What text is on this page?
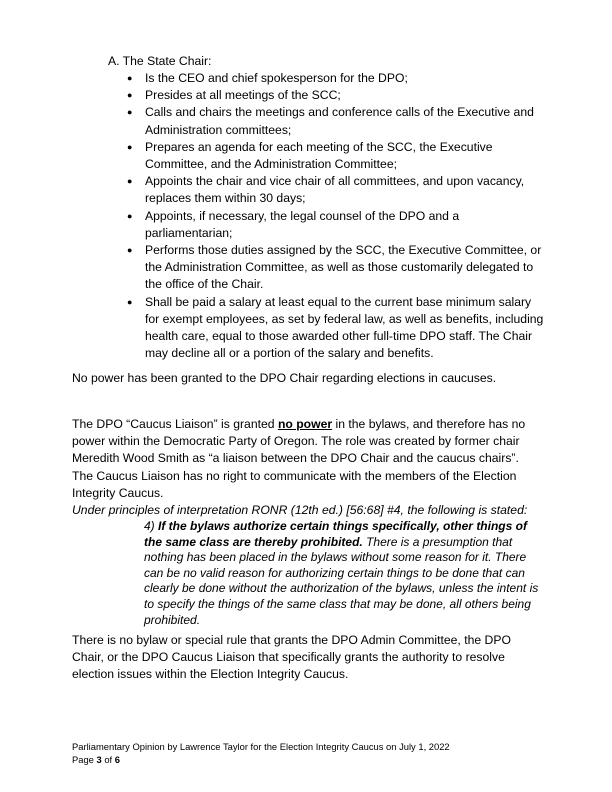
A. The State Chair:
● Is the CEO and chief spokesperson for the DPO;
● Presides at all meetings of the SCC;
● Calls and chairs the meetings and conference calls of the Executive and Administration committees;
● Prepares an agenda for each meeting of the SCC, the Executive Committee, and the Administration Committee;
● Appoints the chair and vice chair of all committees, and upon vacancy, replaces them within 30 days;
● Appoints, if necessary, the legal counsel of the DPO and a parliamentarian;
● Performs those duties assigned by the SCC, the Executive Committee, or the Administration Committee, as well as those customarily delegated to the office of the Chair.
● Shall be paid a salary at least equal to the current base minimum salary for exempt employees, as set by federal law, as well as benefits, including health care, equal to those awarded other full-time DPO staff. The Chair may decline all or a portion of the salary and benefits.

No power has been granted to the DPO Chair regarding elections in caucuses.

The DPO “Caucus Liaison” is granted no power in the bylaws, and therefore has no power within the Democratic Party of Oregon. The role was created by former chair Meredith Wood Smith as “a liaison between the DPO Chair and the caucus chairs”. The Caucus Liaison has no right to communicate with the members of the Election Integrity Caucus.

Under principles of interpretation RONR (12th ed.) [56:68] #4, the following is stated:

4) If the bylaws authorize certain things specifically, other things of the same class are thereby prohibited. There is a presumption that nothing has been placed in the bylaws without some reason for it. There can be no valid reason for authorizing certain things to be done that can clearly be done without the authorization of the bylaws, unless the intent is to specify the things of the same class that may be done, all others being prohibited.

There is no bylaw or special rule that grants the DPO Admin Committee, the DPO Chair, or the DPO Caucus Liaison that specifically grants the authority to resolve election issues within the Election Integrity Caucus.

Parliamentary Opinion by Lawrence Taylor for the Election Integrity Caucus on July 1, 2022
Page 3 of 6
